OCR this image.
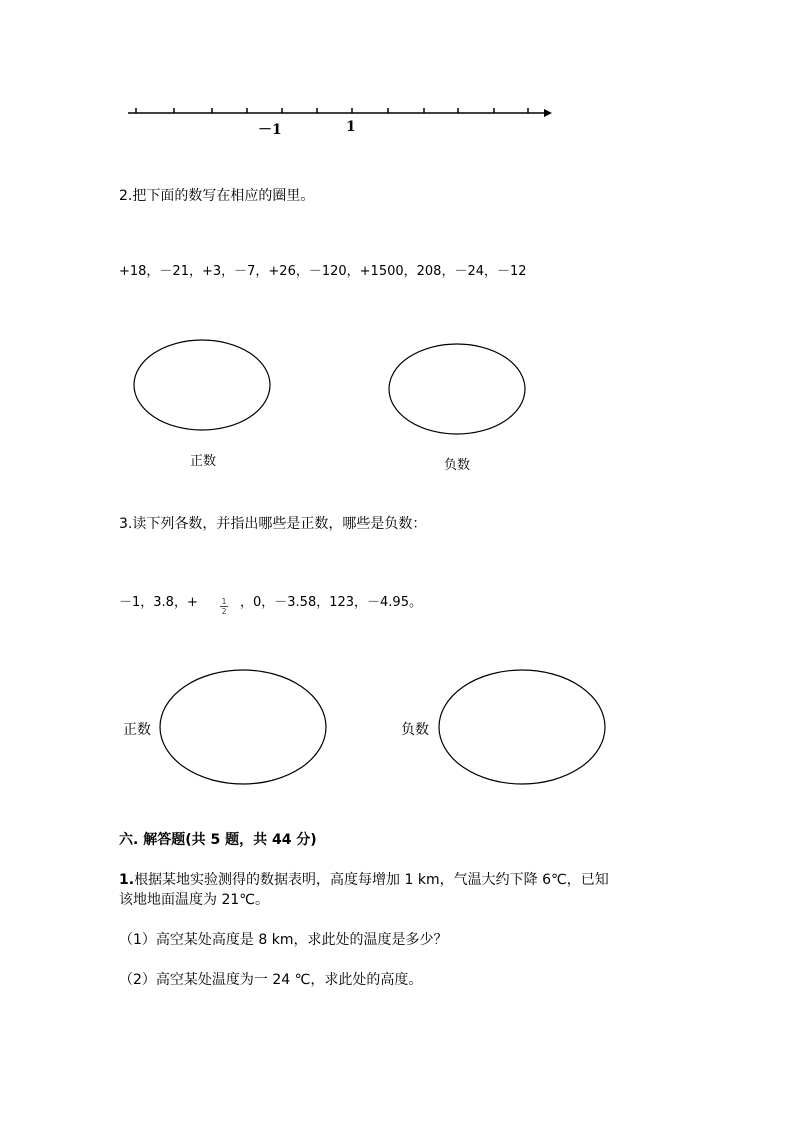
－1	1
2.把下面的数写在相应的圈里。
+18，－21，+3，－7，+26，－120，+1500，208，－24，－12
正数	负数
3.读下列各数，并指出哪些是正数，哪些是负数：
－1，3.8，+	1
2
，0，－3.58，123，－4.95。
正数	负数
六. 解答题(共 5 题，共 44 分)
1.根据某地实验测得的数据表明，高度每增加 1 km，气温大约下降 6℃，已知
该地地面温度为 21℃。
（1）高空某处高度是 8 km，求此处的温度是多少？
（2）高空某处温度为一 24 ℃，求此处的高度。
